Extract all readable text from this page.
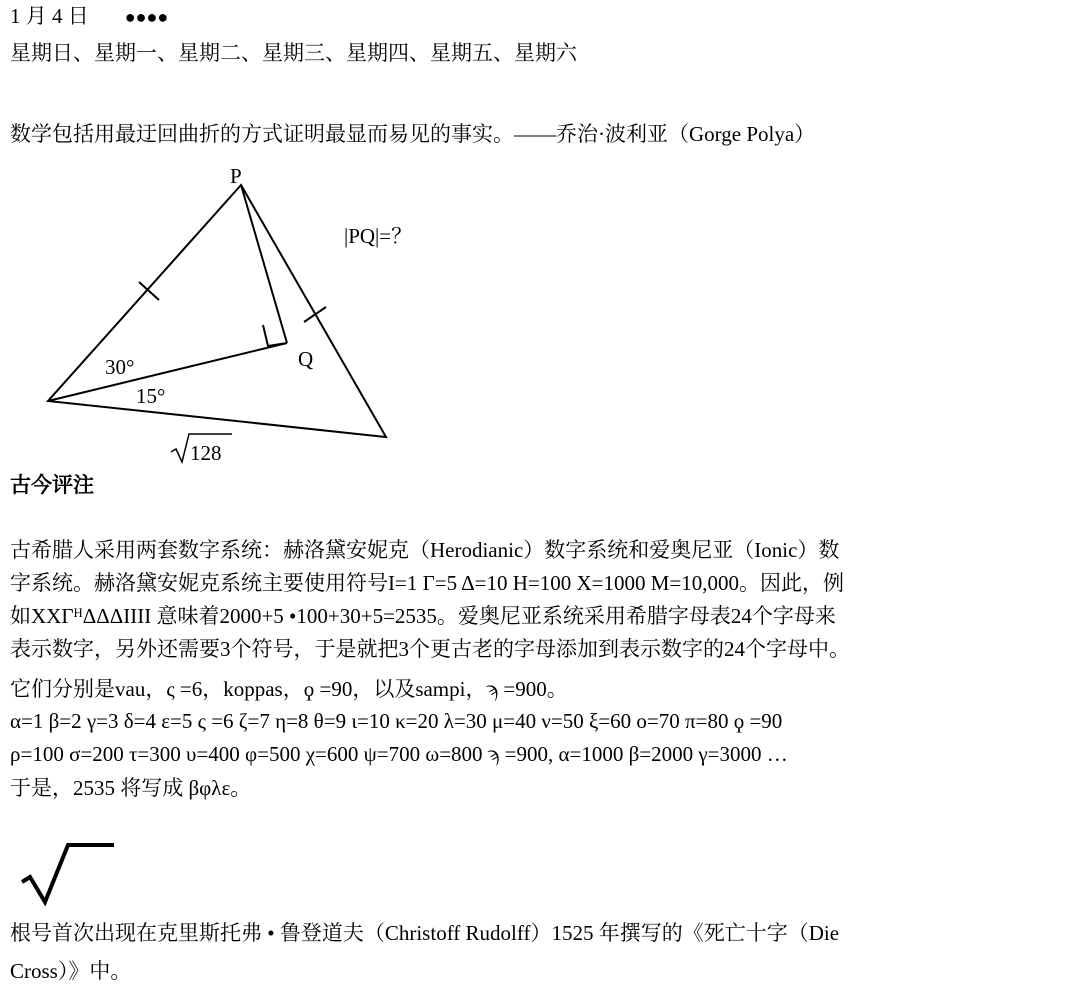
1 月 4 日 ●●●●
星期日、星期一、星期二、星期三、星期四、星期五、星期六
数学包括用最迂回曲折的方式证明最显而易见的事实。——乔治·波利亚（Gorge Polya）
P
Q
|PQ|=？
30°
15°
128
古今评注
古希腊人采用两套数字系统：赫洛黛安妮克（Herodianic）数字系统和爱奥尼亚（Ionic）数
字系统。赫洛黛安妮克系统主要使用符号I=1 Γ=5 Δ=10 H=100 X=1000 M=10,000。因此，例
如XXΓᴴΔΔΔIIII 意味着2000+5 •100+30+5=2535。爱奥尼亚系统采用希腊字母表24个字母来
表示数字，另外还需要3个符号，于是就把3个更古老的字母添加到表示数字的24个字母中。
它们分别是vau，ς =6，koppas，ϙ =90，以及sampi，ϡ =900。
α=1 β=2 γ=3 δ=4 ε=5 ς =6 ζ=7 η=8 θ=9 ι=10 κ=20 λ=30 μ=40 ν=50 ξ=60 ο=70 π=80 ϙ =90
ρ=100 σ=200 τ=300 υ=400 φ=500 χ=600 ψ=700 ω=800 ϡ =900, α=1000 β=2000 γ=3000 …
于是，2535 将写成 βφλε。
根号首次出现在克里斯托弗 • 鲁登道夫（Christoff Rudolff）1525 年撰写的《死亡十字（Die
Cross）》中。
